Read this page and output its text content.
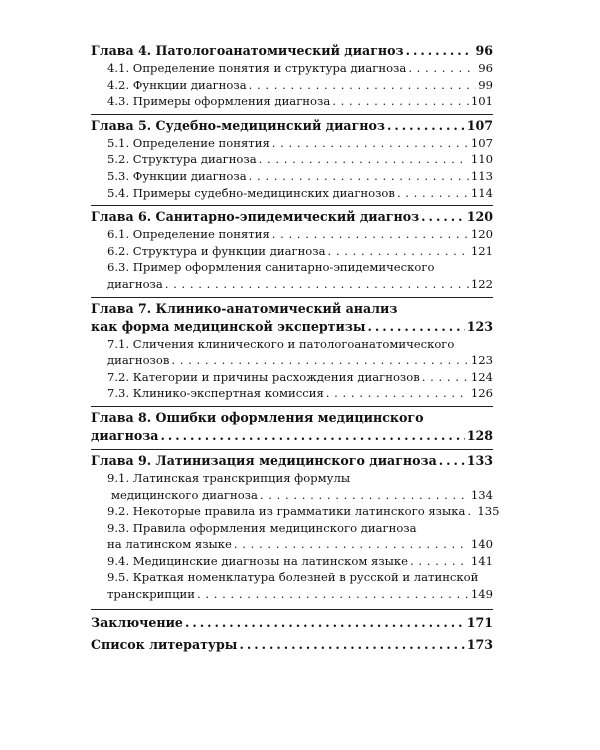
Глава 4. Патологоанатомический диагноз .....	96
4.1. Определение понятия и структура диагноза . . .	96
4.2. Функции диагноза . . .	99
4.3. Примеры оформления диагноза . . .	101
Глава 5. Судебно-медицинский диагноз .....	107
5.1. Определение понятия . . .	107
5.2. Структура диагноза . . .	110
5.3. Функции диагноза . . .	113
5.4. Примеры судебно-медицинских диагнозов . . .	114
Глава 6. Санитарно-эпидемический диагноз .....	120
6.1. Определение понятия . . .	120
6.2. Структура и функции диагноза . . .	121
6.3. Пример оформления санитарно-эпидемического
диагноза . . .	122
Глава 7. Клинико-анатомический анализ
как форма медицинской экспертизы .....	123
7.1. Сличения клинического и патологоанатомического
диагнозов . . .	123
7.2. Категории и причины расхождения диагнозов . . .	124
7.3. Клинико-экспертная комиссия . . .	126
Глава 8. Ошибки оформления медицинского
диагноза .....	128
Глава 9. Латинизация медицинского диагноза ..... 133
9.1. Латинская транскрипция формулы
медицинского диагноза . . .	134
9.2. Некоторые правила из грамматики латинского языка . . . 135
9.3. Правила оформления медицинского диагноза
на латинском языке . . .	140
9.4. Медицинские диагнозы на латинском языке . . .	141
9.5. Краткая номенклатура болезней в русской и латинской
транскрипции . . .	149
Заключение .....	171
Список литературы .....	173
